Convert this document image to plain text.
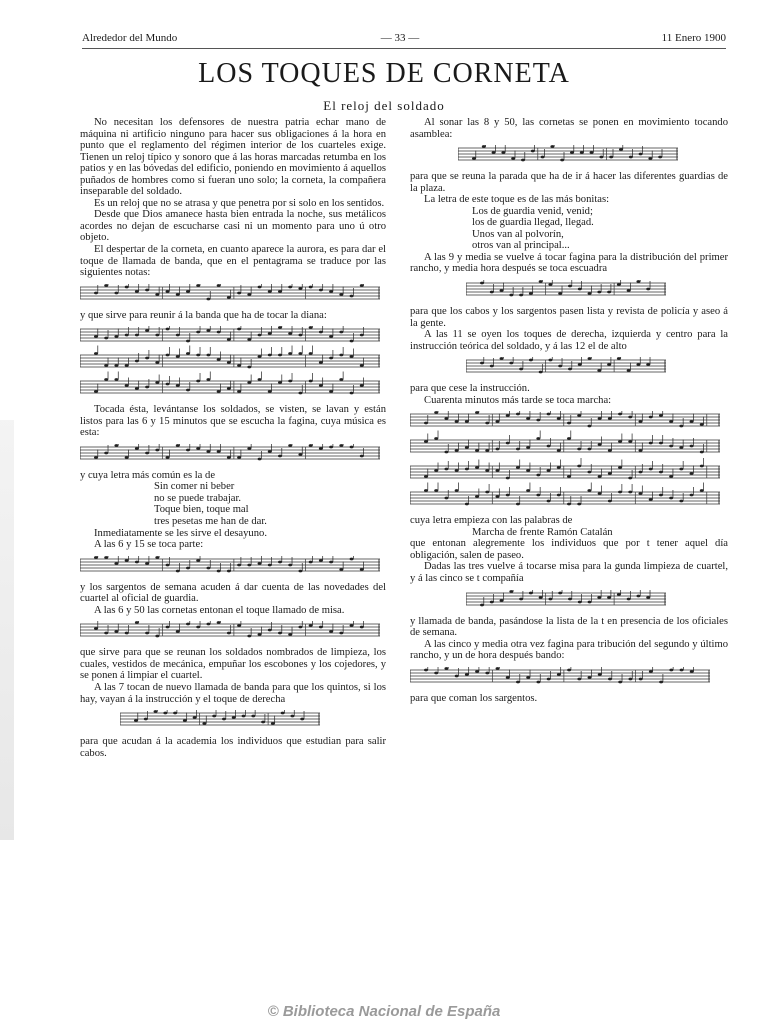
Alrededor del Mundo	— 33 —	11 Enero 1900
LOS TOQUES DE CORNETA
El reloj del soldado

No necesitan los defensores de nuestra patria echar mano de máquina ni artificio ninguno para hacer sus obligaciones á la hora en punto que el reglamento del régimen interior de los cuarteles exige. Tienen un reloj típico y sonoro que á las horas marcadas retumba en los patios y en las bóvedas del edificio, poniendo en movimiento á aquellos puñados de hombres como si fueran uno solo; la corneta, la compañera inseparable del soldado.

Es un reloj que no se atrasa y que penetra por si solo en los sentidos.

Desde que Dios amanece hasta bien entrada la noche, sus metálicos acordes no dejan de escucharse casi ni un momento para uno ú otro objeto.

El despertar de la corneta, en cuanto aparece la aurora, es para dar el toque de llamada de banda, que en el pentagrama se traduce por las siguientes notas:

y que sirve para reunir á la banda que ha de tocar la diana:

Tocada ésta, levántanse los soldados, se visten, se lavan y están listos para las 6 y 15 minutos que se escucha la fagina, cuya música es esta:

y cuya letra más común es la de

Sin comer ni beber

no se puede trabajar.

Toque bien, toque mal

tres pesetas me han de dar.

Inmediatamente se les sirve el desayuno.

A las 6 y 15 se toca parte:

y los sargentos de semana acuden á dar cuenta de las novedades del cuartel al oficial de guardia.

A las 6 y 50 las cornetas entonan el toque llamado de misa.

que sirve para que se reunan los soldados nombrados de limpieza, los cuales, vestidos de mecánica, empuñar los escobones y los cojedores, y se ponen á limpiar el cuartel.

A las 7 tocan de nuevo llamada de banda para que los quintos, si los hay, vayan á la instrucción y el toque de derecha

para que acudan á la academia los individuos que estudian para salir cabos.

Al sonar las 8 y 50, las cornetas se ponen en movimiento tocando asamblea:

para que se reuna la parada que ha de ir á hacer las diferentes guardias de la plaza.

La letra de este toque es de las más bonitas:

Los de guardia venid, venid;

los de guardia llegad, llegad.

Unos van al polvorín,

otros van al principal...

A las 9 y media se vuelve á tocar fagina para la distribución del primer rancho, y media hora después se toca escuadra

para que los cabos y los sargentos pasen lista y revista de policía y aseo á la gente.

A las 11 se oyen los toques de derecha, izquierda y centro para la instrucción teórica del soldado, y á las 12 el de alto

para que cese la instrucción.

Cuarenta minutos más tarde se toca marcha:

cuya letra empieza con las palabras de

Marcha de frente Ramón Catalán

que entonan alegremente los individuos que por t tener aquel día obligación, salen de paseo.

Dadas las tres vuelve á tocarse misa para la gunda limpieza de cuartel, y á las cinco se t compañía

y llamada de banda, pasándose la lista de la t en presencia de los oficiales de semana.

A las cinco y media otra vez fagina para tribución del segundo y último rancho, y un de hora después bando:

para que coman los sargentos.

© Biblioteca Nacional de España
